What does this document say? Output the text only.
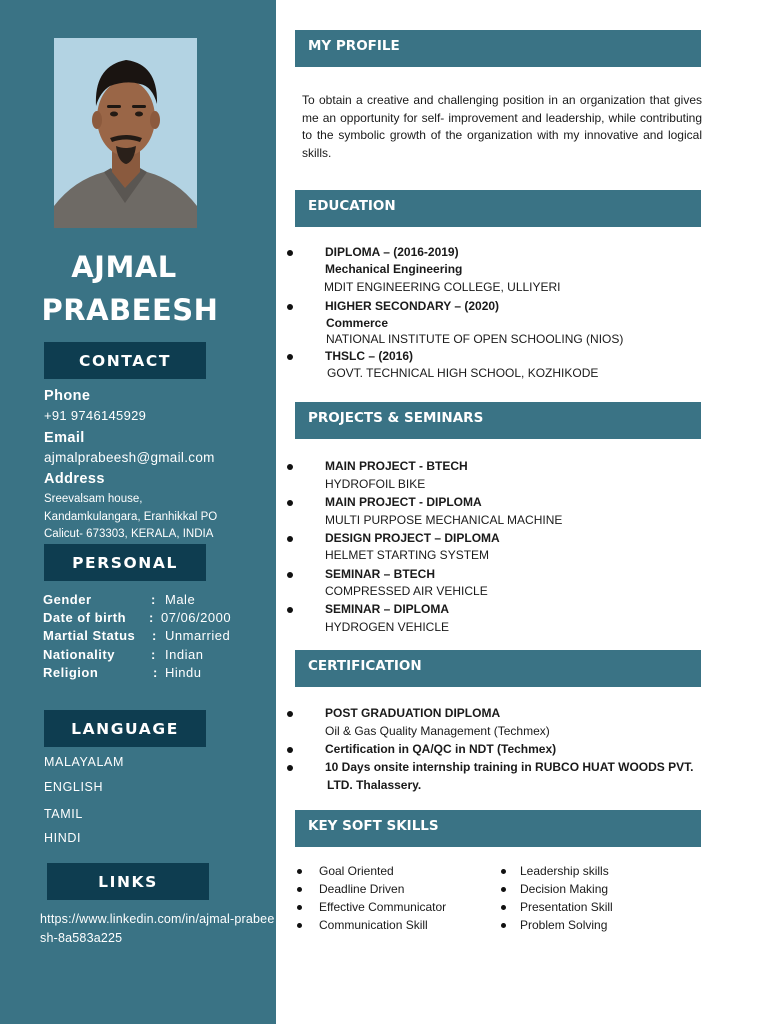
AJMAL
PRABEESH
CONTACT
Phone
+91 9746145929
Email
ajmalprabeesh@gmail.com
Address
Sreevalsam house,
Kandamkulangara, Eranhikkal PO
Calicut- 673303, KERALA, INDIA
PERSONAL
Gender	: Male
Date of birth : 07/06/2000
Martial Status : Unmarried
Nationality	: Indian
Religion	: Hindu
LANGUAGE
MALAYALAM
ENGLISH
TAMIL
HINDI
LINKS
https://www.linkedin.com/in/ajmal-prabeesh-8a583a225
MY PROFILE
To obtain a creative and challenging position in an organization that gives me an opportunity for self- improvement and leadership, while contributing to the symbolic growth of the organization with my innovative and logical skills.
EDUCATION
DIPLOMA – (2016-2019)
Mechanical Engineering
MDIT ENGINEERING COLLEGE, ULLIYERI
HIGHER SECONDARY – (2020)
Commerce
NATIONAL INSTITUTE OF OPEN SCHOOLING (NIOS)
THSLC – (2016)
GOVT. TECHNICAL HIGH SCHOOL, KOZHIKODE
PROJECTS & SEMINARS
MAIN PROJECT - BTECH
HYDROFOIL BIKE
MAIN PROJECT - DIPLOMA
MULTI PURPOSE MECHANICAL MACHINE
DESIGN PROJECT – DIPLOMA
HELMET STARTING SYSTEM
SEMINAR – BTECH
COMPRESSED AIR VEHICLE
SEMINAR – DIPLOMA
HYDROGEN VEHICLE
CERTIFICATION
POST GRADUATION DIPLOMA
Oil & Gas Quality Management (Techmex)
Certification in QA/QC in NDT (Techmex)
10 Days onsite internship training in RUBCO HUAT WOODS PVT.
LTD. Thalassery.
KEY SOFT SKILLS
Goal Oriented
Deadline Driven
Effective Communicator
Communication Skill
Leadership skills
Decision Making
Presentation Skill
Problem Solving
